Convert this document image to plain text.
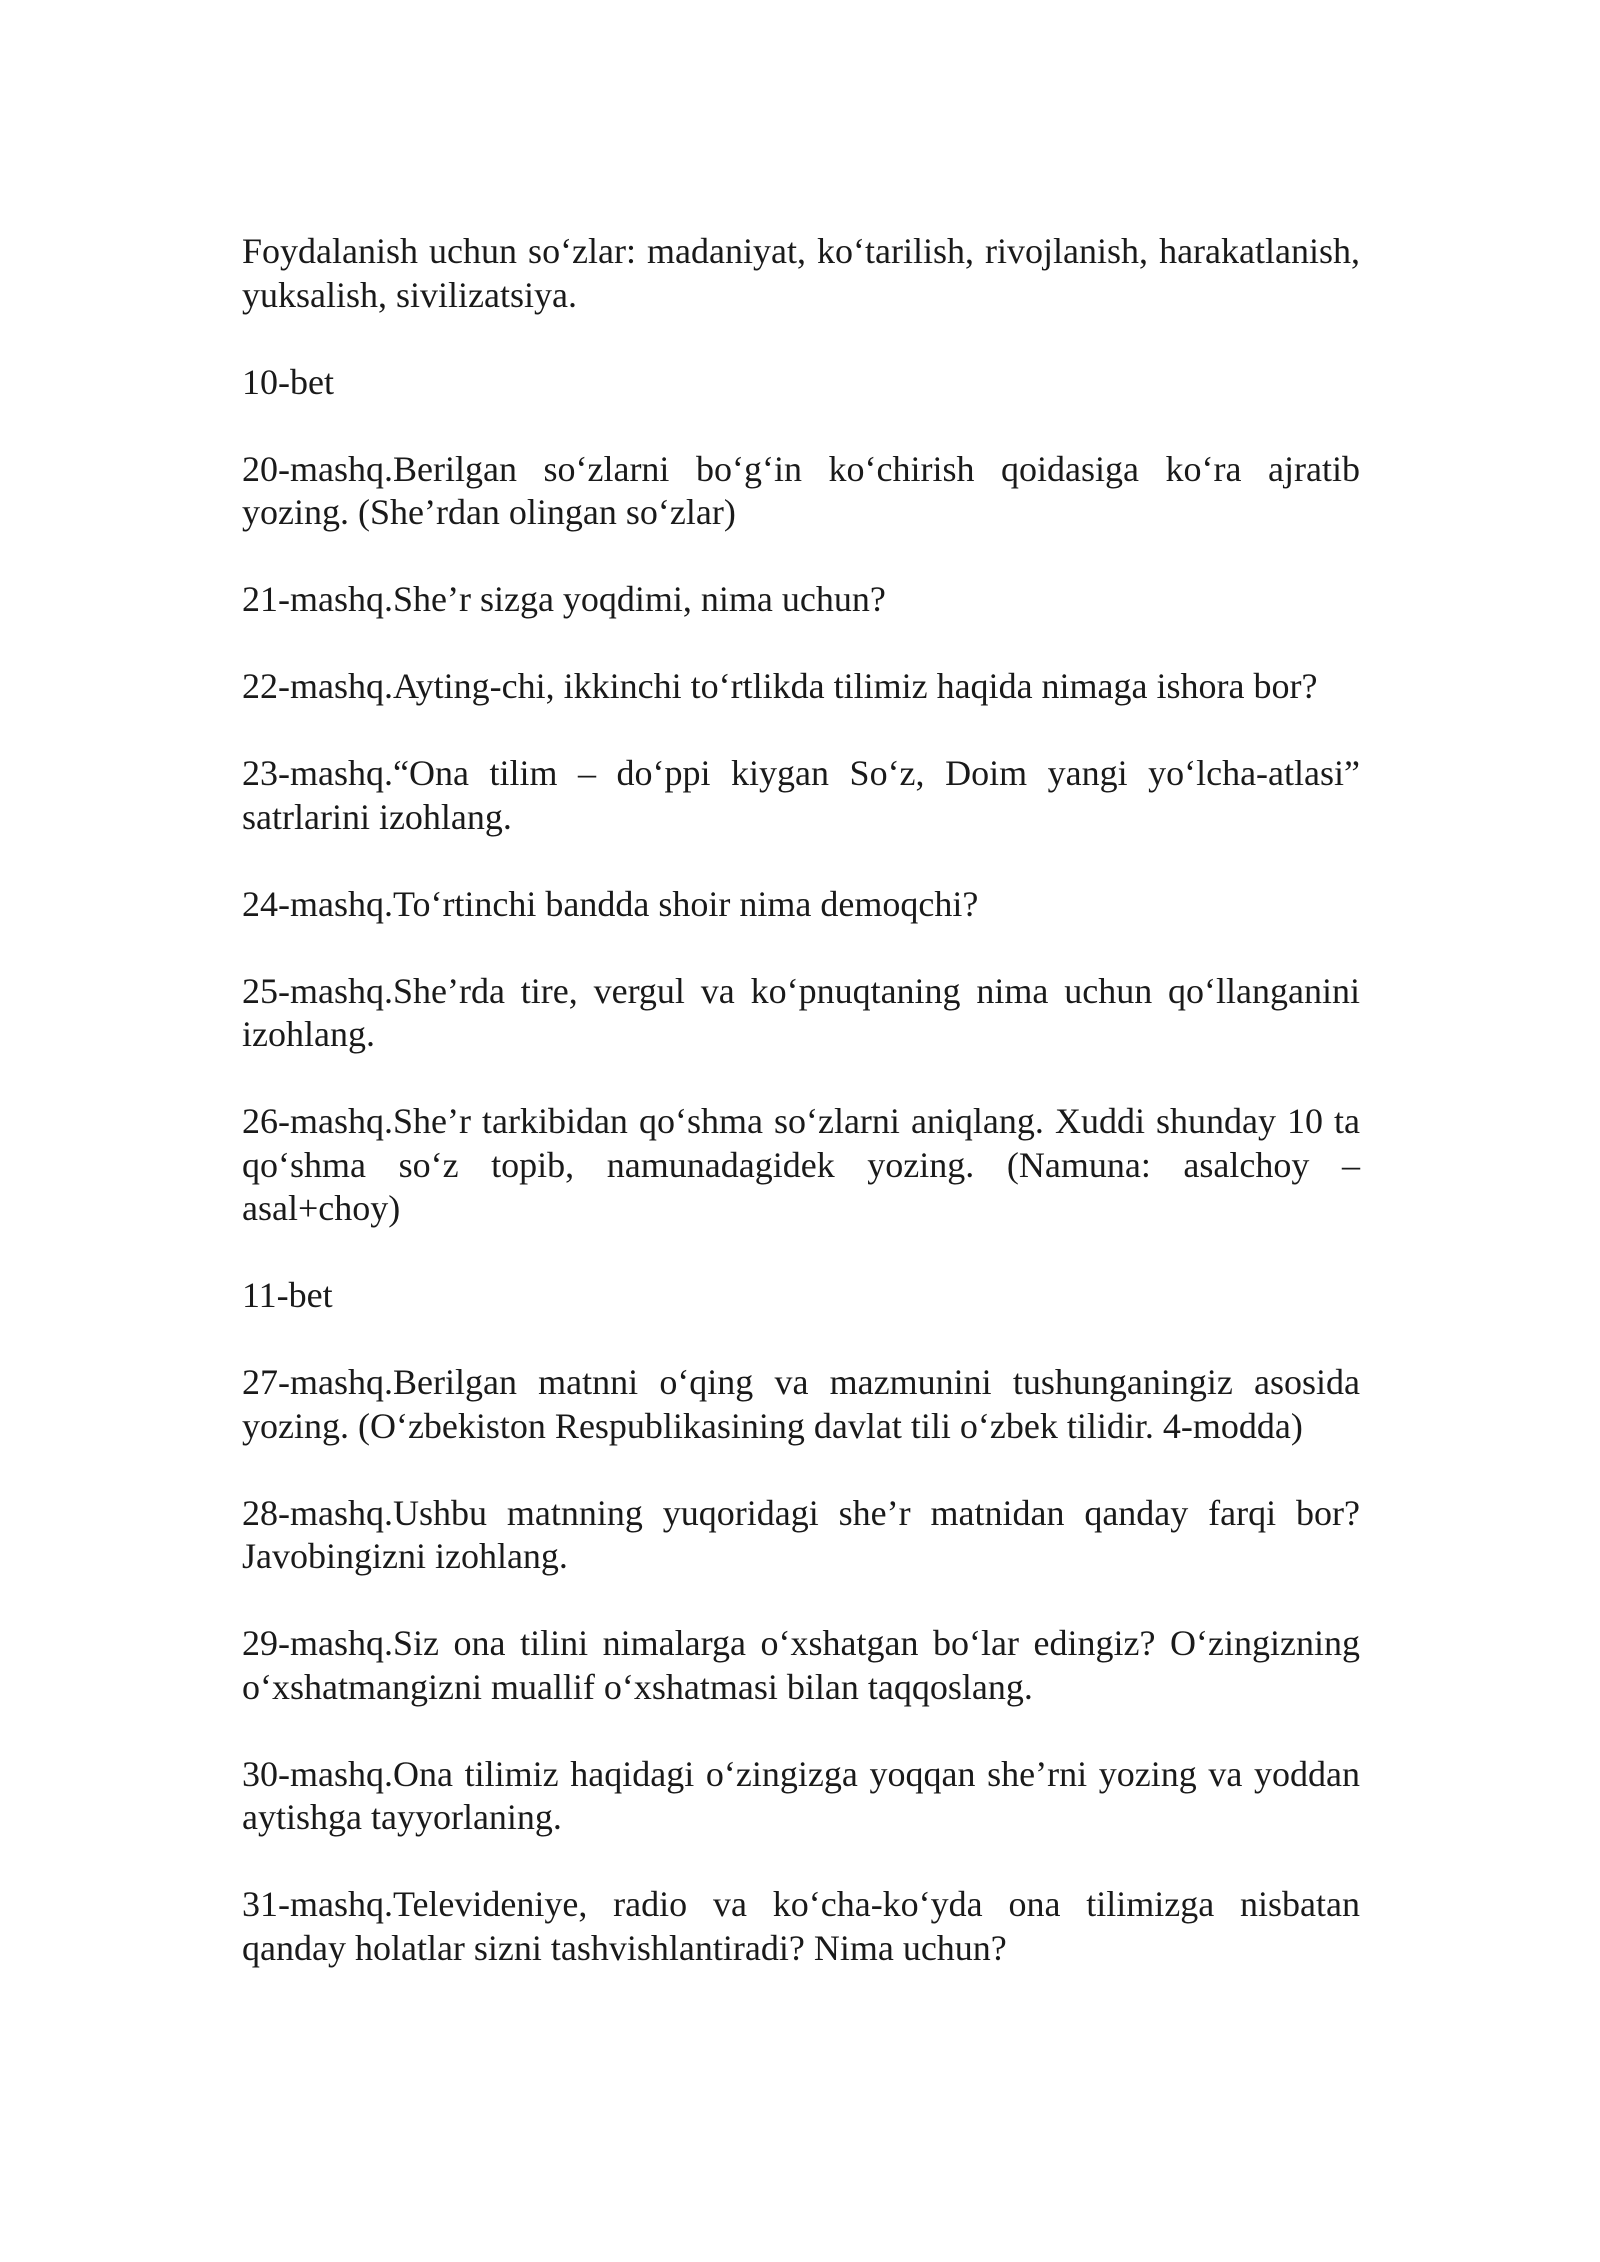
Foydalanish uchun so‘zlar: madaniyat, ko‘tarilish, rivojlanish, harakatlanish, yuksalish, sivilizatsiya.

10-bet

20-mashq.Berilgan so‘zlarni bo‘g‘in ko‘chirish qoidasiga ko‘ra ajratib yozing. (She’rdan olingan so‘zlar)

21-mashq.She’r sizga yoqdimi, nima uchun?

22-mashq.Ayting-chi, ikkinchi to‘rtlikda tilimiz haqida nimaga ishora bor?

23-mashq.“Ona tilim – do‘ppi kiygan So‘z, Doim yangi yo‘lcha-atlasi” satrlarini izohlang.

24-mashq.To‘rtinchi bandda shoir nima demoqchi?

25-mashq.She’rda tire, vergul va ko‘pnuqtaning nima uchun qo‘llanganini izohlang.

26-mashq.She’r tarkibidan qo‘shma so‘zlarni aniqlang. Xuddi shunday 10 ta qo‘shma so‘z topib, namunadagidek yozing. (Namuna: asalchoy – asal+choy)

11-bet

27-mashq.Berilgan matnni o‘qing va mazmunini tushunganingiz asosida yozing. (O‘zbekiston Respublikasining davlat tili o‘zbek tilidir. 4-modda)

28-mashq.Ushbu matnning yuqoridagi she’r matnidan qanday farqi bor? Javobingizni izohlang.

29-mashq.Siz ona tilini nimalarga o‘xshatgan bo‘lar edingiz? O‘zingizning o‘xshatmangizni muallif o‘xshatmasi bilan taqqoslang.

30-mashq.Ona tilimiz haqidagi o‘zingizga yoqqan she’rni yozing va yoddan aytishga tayyorlaning.

31-mashq.Televideniye, radio va ko‘cha-ko‘yda ona tilimizga nisbatan qanday holatlar sizni tashvishlantiradi? Nima uchun?
